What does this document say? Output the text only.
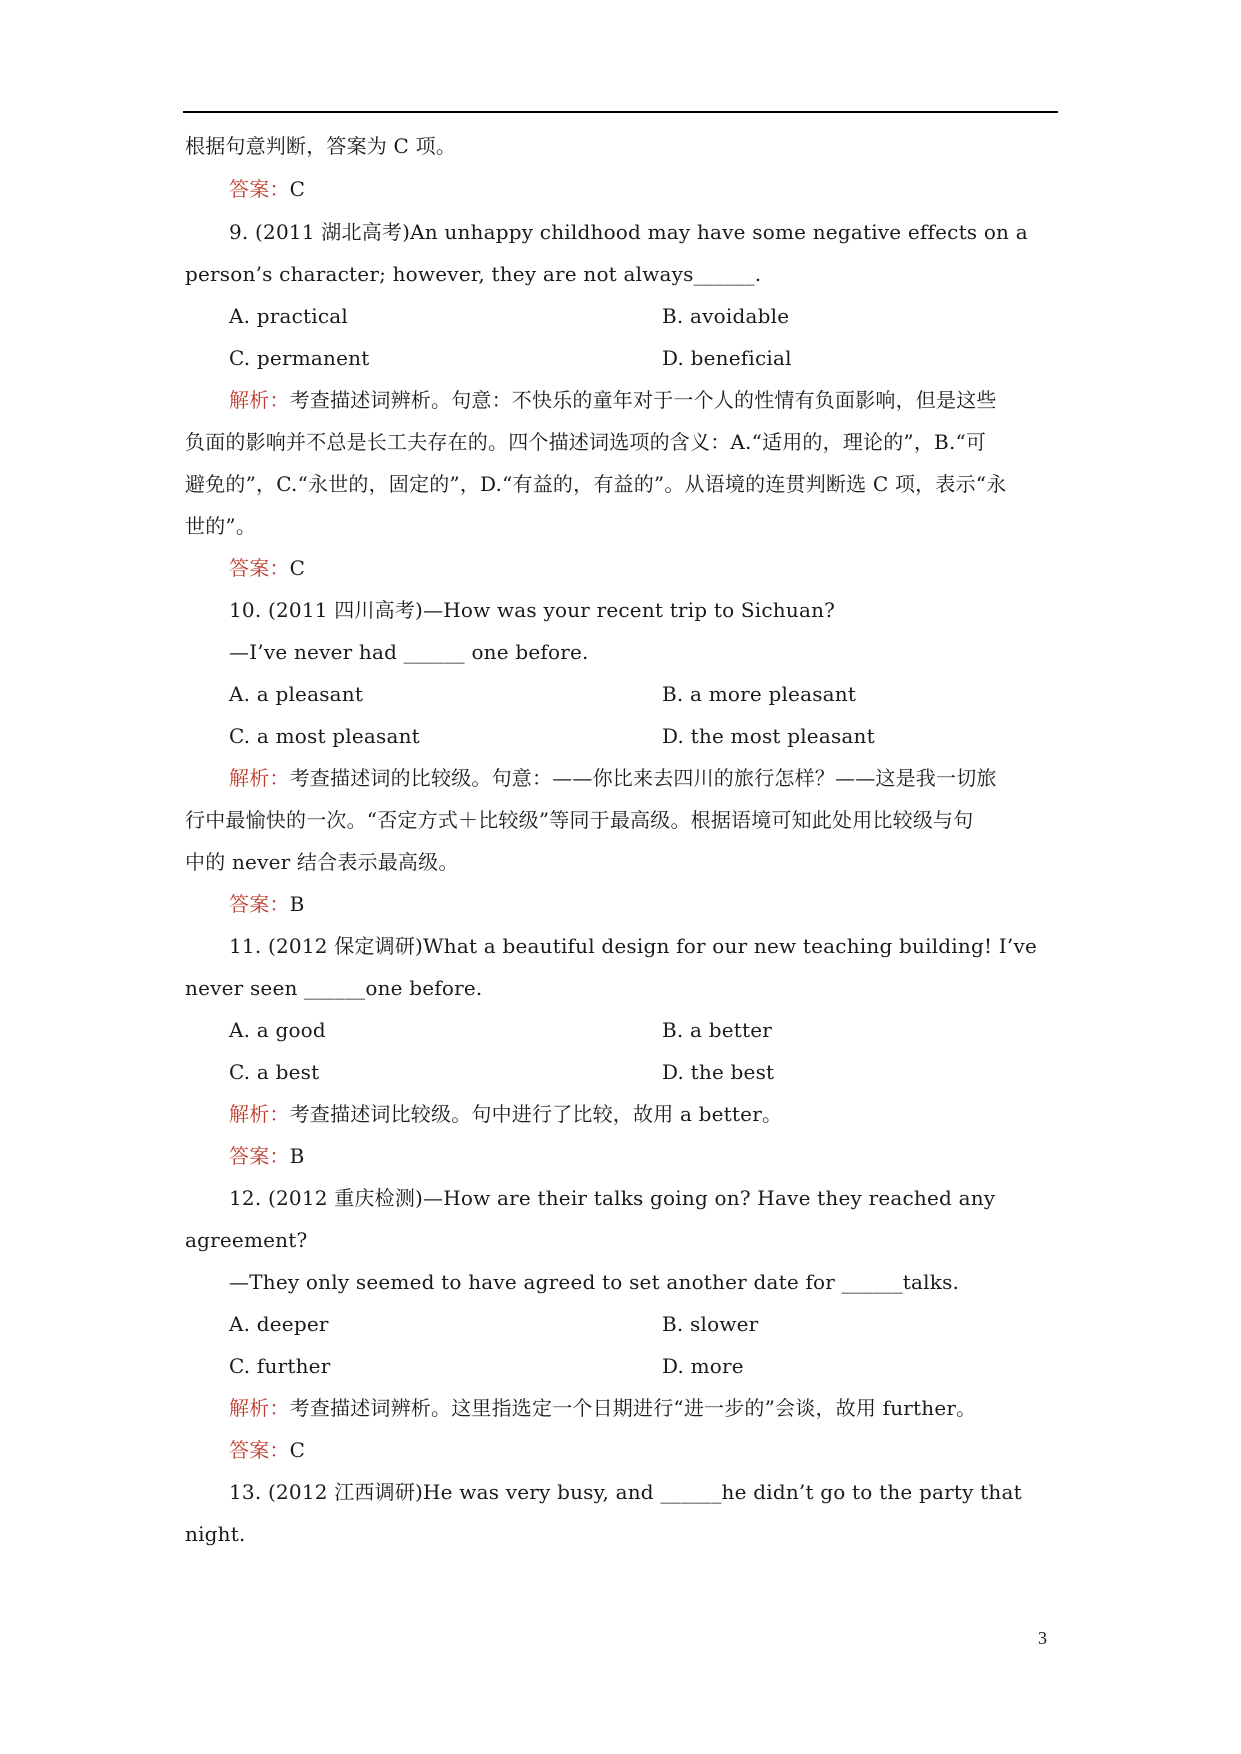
根据句意判断，答案为 C 项。
答案：C
9. (2011 湖北高考)An unhappy childhood may have some negative effects on a
person’s character; however, they are not always______.
A. practical	B. avoidable
C. permanent	D. beneficial
解析：考查描述词辨析。句意：不快乐的童年对于一个人的性情有负面影响，但是这些
负面的影响并不总是长工夫存在的。四个描述词选项的含义：A.“适用的，理论的”，B.“可
避免的”，C.“永世的，固定的”，D.“有益的，有益的”。从语境的连贯判断选 C 项，表示“永
世的”。
答案：C
10. (2011 四川高考)—How was your recent trip to Sichuan?
—I’ve never had ______ one before.
A. a pleasant	B. a more pleasant
C. a most pleasant	D. the most pleasant
解析：考查描述词的比较级。句意：——你比来去四川的旅行怎样？——这是我一切旅
行中最愉快的一次。“否定方式＋比较级”等同于最高级。根据语境可知此处用比较级与句
中的 never 结合表示最高级。
答案：B
11. (2012 保定调研)What a beautiful design for our new teaching building! I’ve
never seen ______one before.
A. a good	B. a better
C. a best	D. the best
解析：考查描述词比较级。句中进行了比较，故用 a better。
答案：B
12. (2012 重庆检测)—How are their talks going on? Have they reached any
agreement?
—They only seemed to have agreed to set another date for ______talks.
A. deeper	B. slower
C. further	D. more
解析：考查描述词辨析。这里指选定一个日期进行“进一步的”会谈，故用 further。
答案：C
13. (2012 江西调研)He was very busy, and ______he didn’t go to the party that
night.
3
